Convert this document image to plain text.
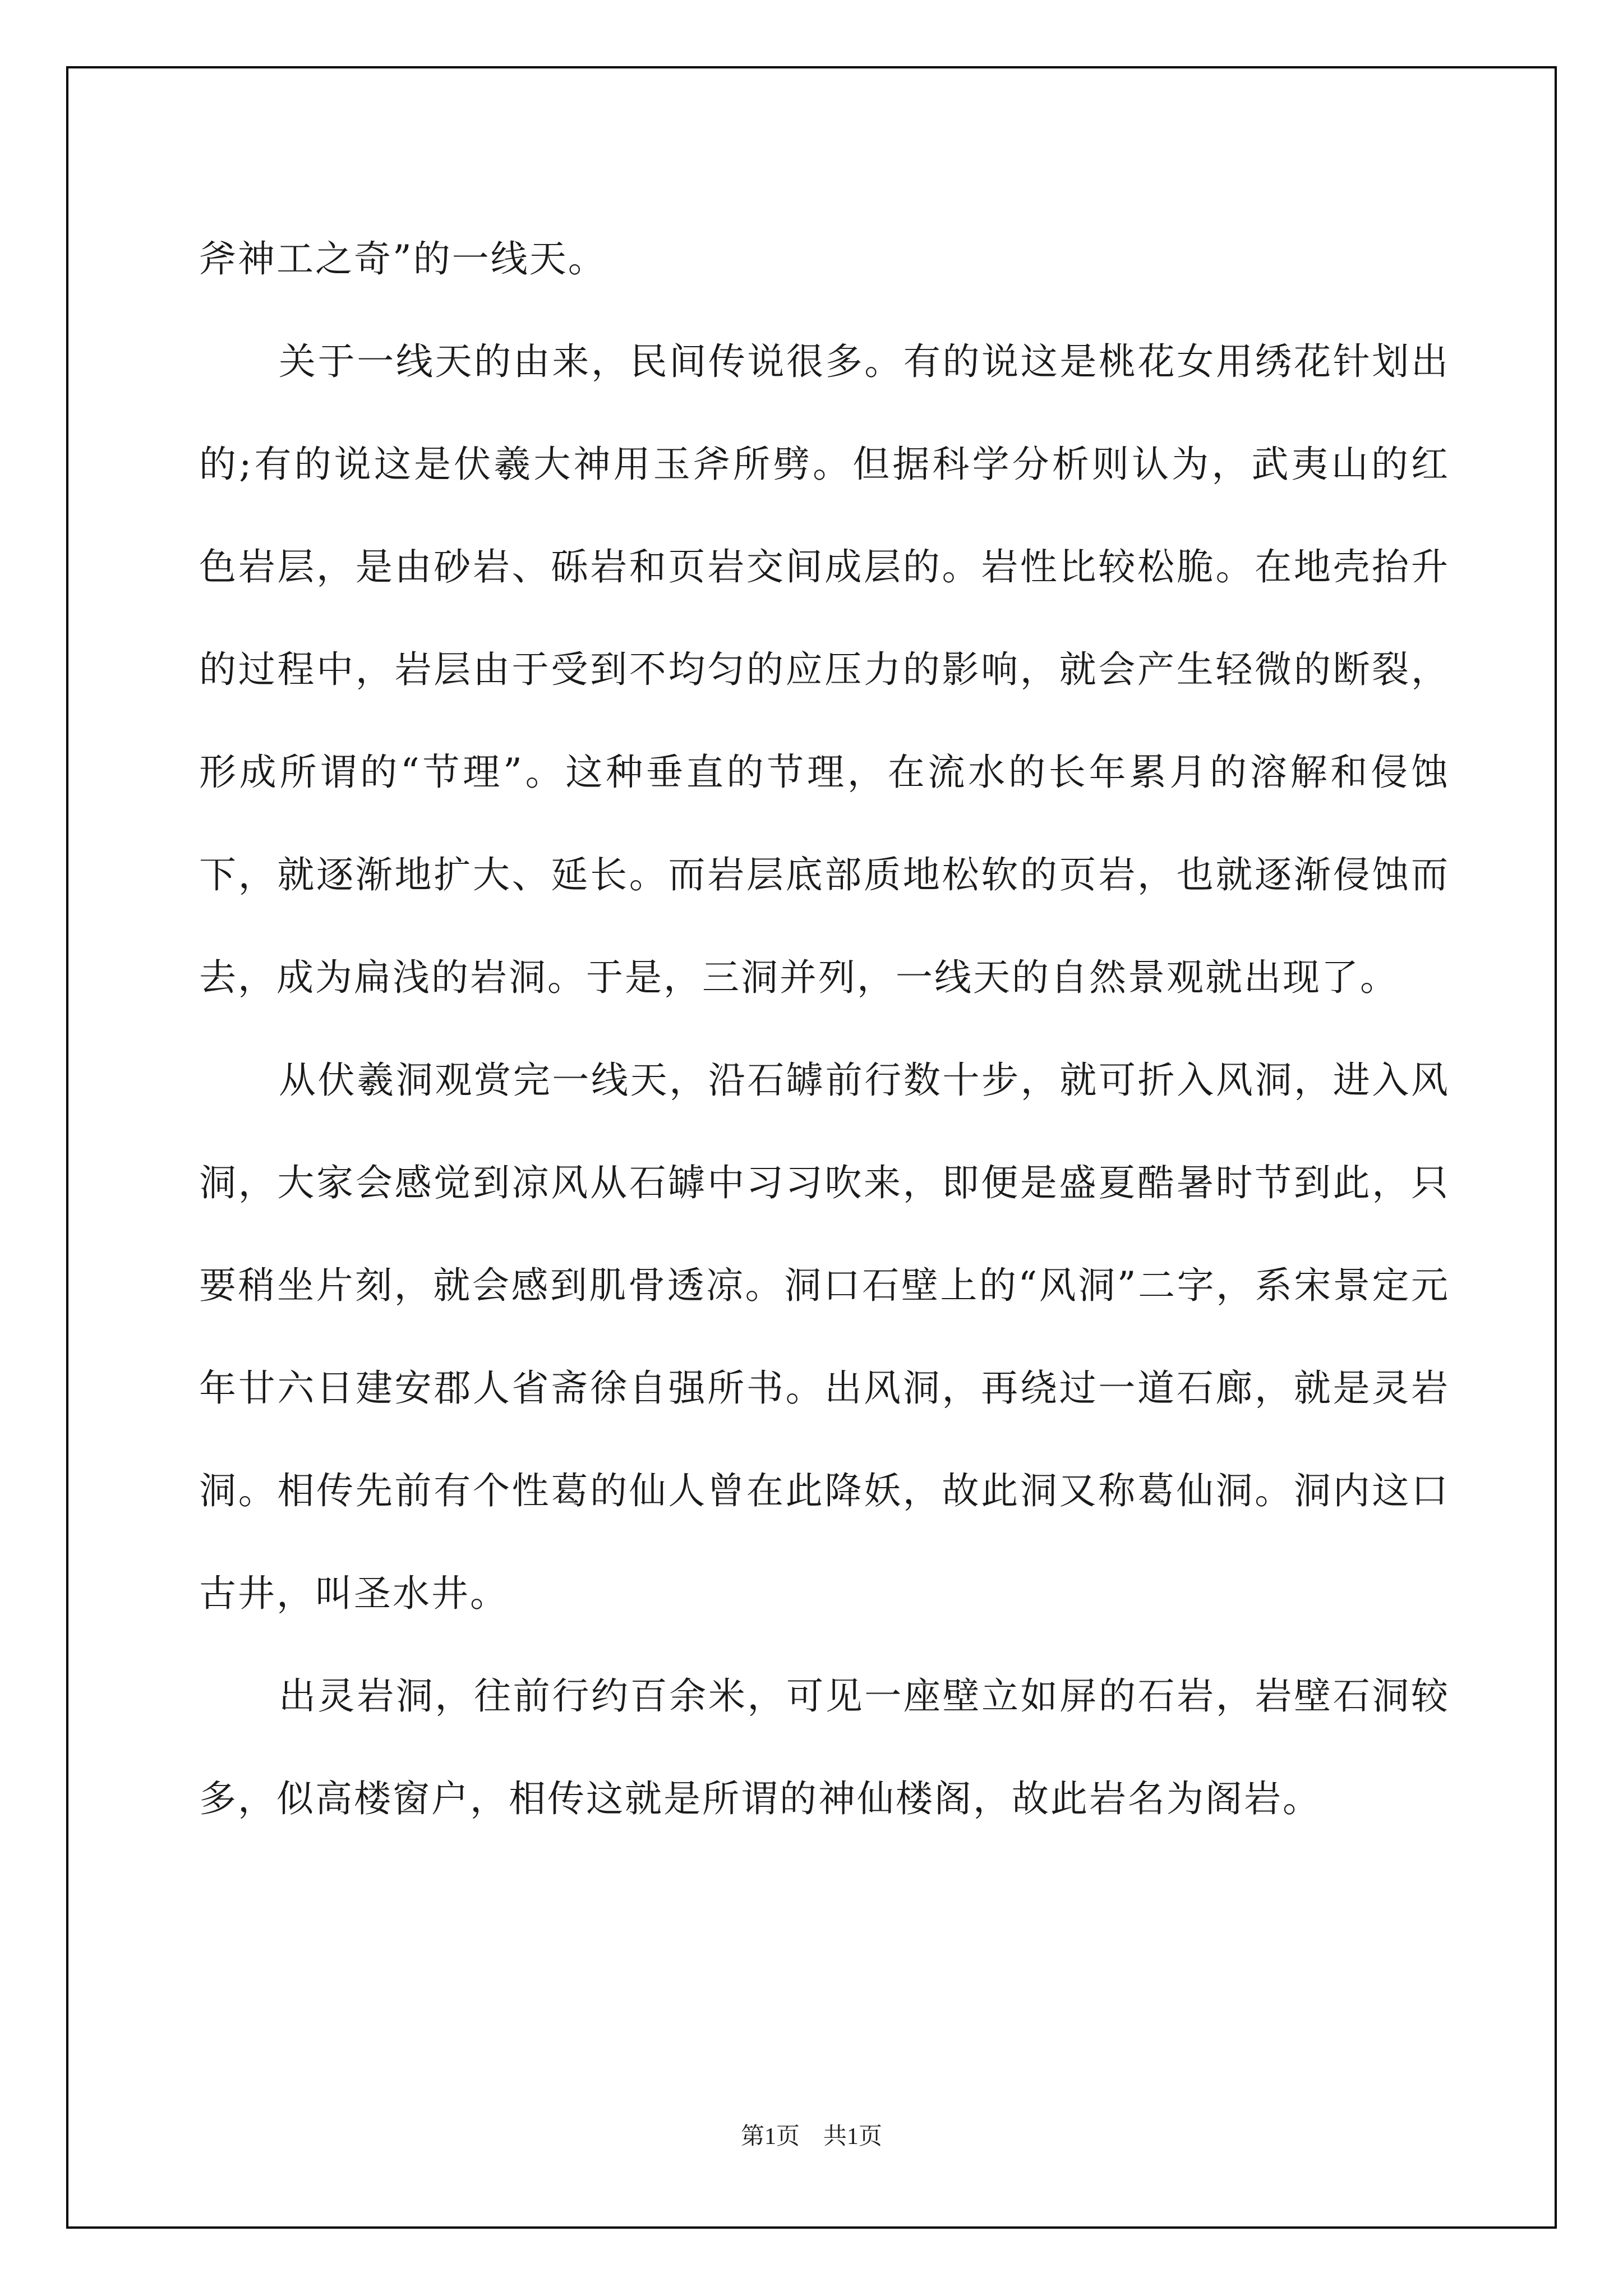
斧神工之奇”的一线天。

关于一线天的由来，民间传说很多。有的说这是桃花女用绣花针划出的;有的说这是伏羲大神用玉斧所劈。但据科学分析则认为，武夷山的红色岩层，是由砂岩、砾岩和页岩交间成层的。岩性比较松脆。在地壳抬升的过程中，岩层由于受到不均匀的应压力的影响，就会产生轻微的断裂，形成所谓的“节理”。这种垂直的节理，在流水的长年累月的溶解和侵蚀下，就逐渐地扩大、延长。而岩层底部质地松软的页岩，也就逐渐侵蚀而去，成为扁浅的岩洞。于是，三洞并列，一线天的自然景观就出现了。

从伏羲洞观赏完一线天，沿石罅前行数十步，就可折入风洞，进入风洞，大家会感觉到凉风从石罅中习习吹来，即便是盛夏酷暑时节到此，只要稍坐片刻，就会感到肌骨透凉。洞口石壁上的“风洞”二字，系宋景定元年廿六日建安郡人省斋徐自强所书。出风洞，再绕过一道石廊，就是灵岩洞。相传先前有个性葛的仙人曾在此降妖，故此洞又称葛仙洞。洞内这口古井，叫圣水井。

出灵岩洞，往前行约百余米，可见一座壁立如屏的石岩，岩壁石洞较多，似高楼窗户，相传这就是所谓的神仙楼阁，故此岩名为阁岩。

第1页　共1页
